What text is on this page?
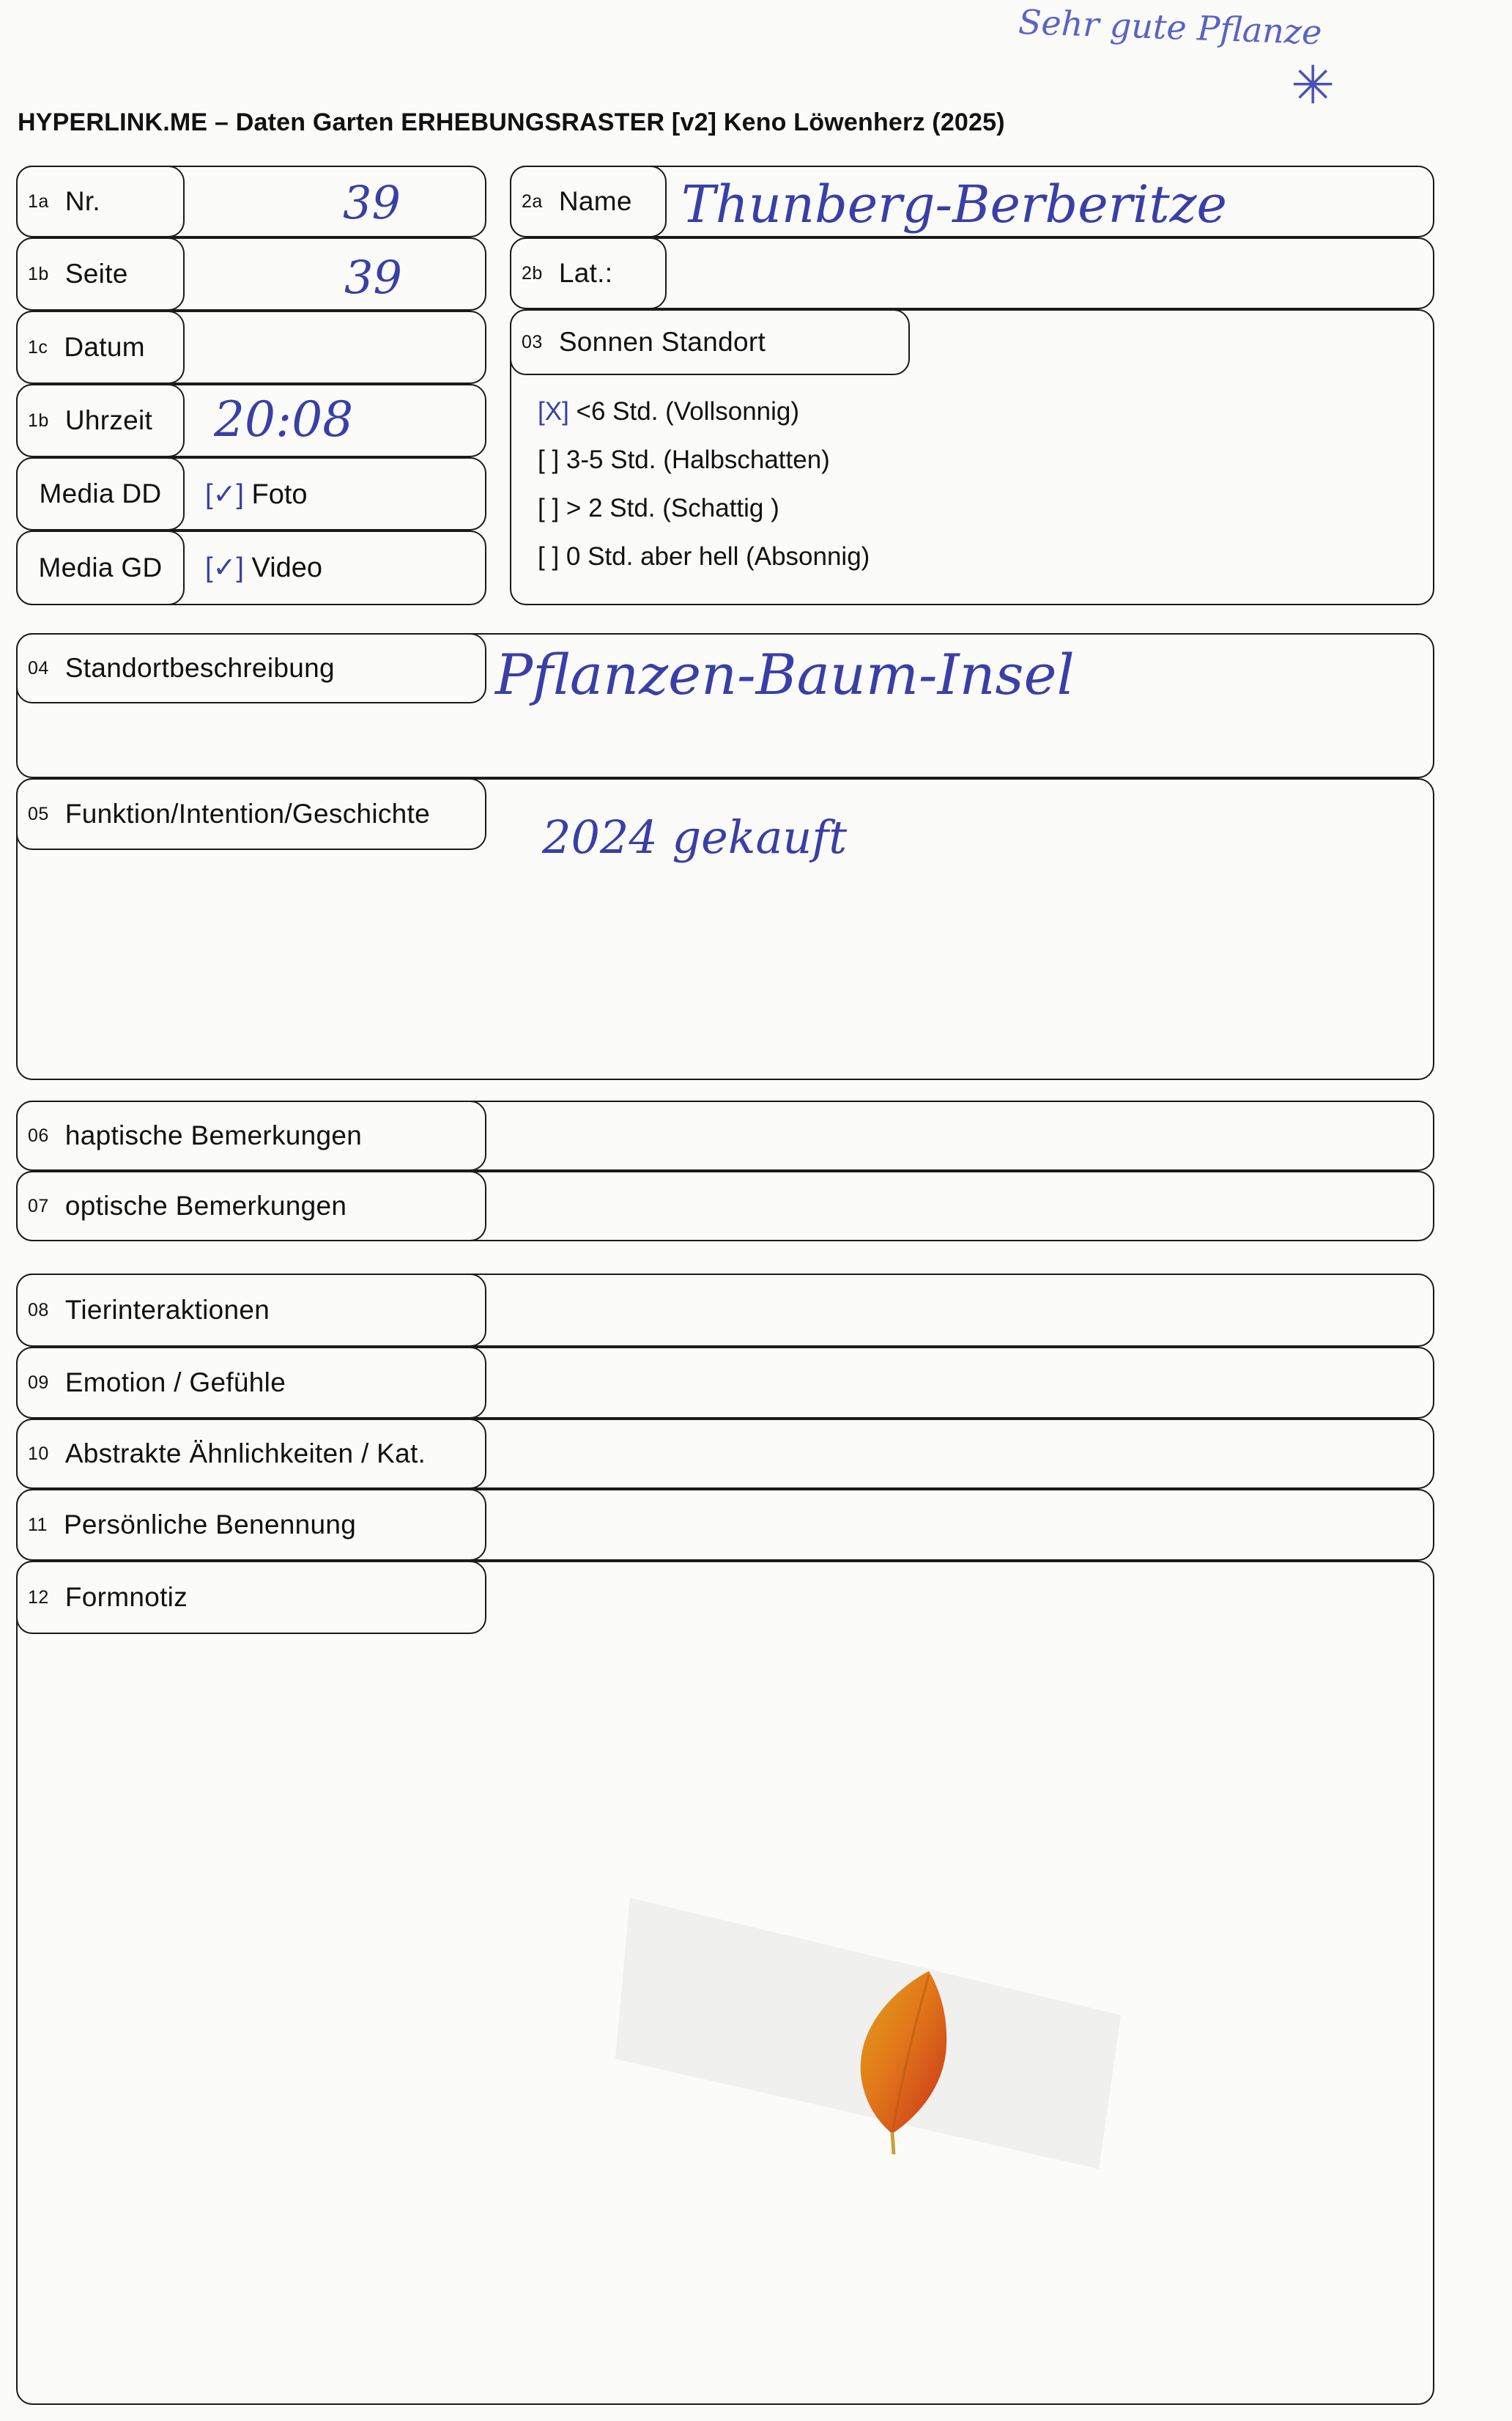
Sehr gute Pflanze
✳
HYPERLINK.ME – Daten Garten ERHEBUNGSRASTER [v2] Keno Löwenherz (2025)
1a Nr.	39
1b Seite	39
1c Datum
1b Uhrzeit 20:08
Media DD [✓] Foto
Media GD [✓] Video
2a Name Thunberg-Berberitze
2b Lat.:
03 Sonnen Standort
[X] <6 Std. (Vollsonnig)
[ ] 3-5 Std. (Halbschatten)
[ ] > 2 Std. (Schattig )
[ ] 0 Std. aber hell (Absonnig)
04 Standortbeschreibung	Pflanzen-Baum-Insel
05 Funktion/Intention/Geschichte 2024 gekauft
06 haptische Bemerkungen
07 optische Bemerkungen
08 Tierinteraktionen
09 Emotion / Gefühle
10 Abstrakte Ähnlichkeiten / Kat.
11 Persönliche Benennung
12 Formnotiz
